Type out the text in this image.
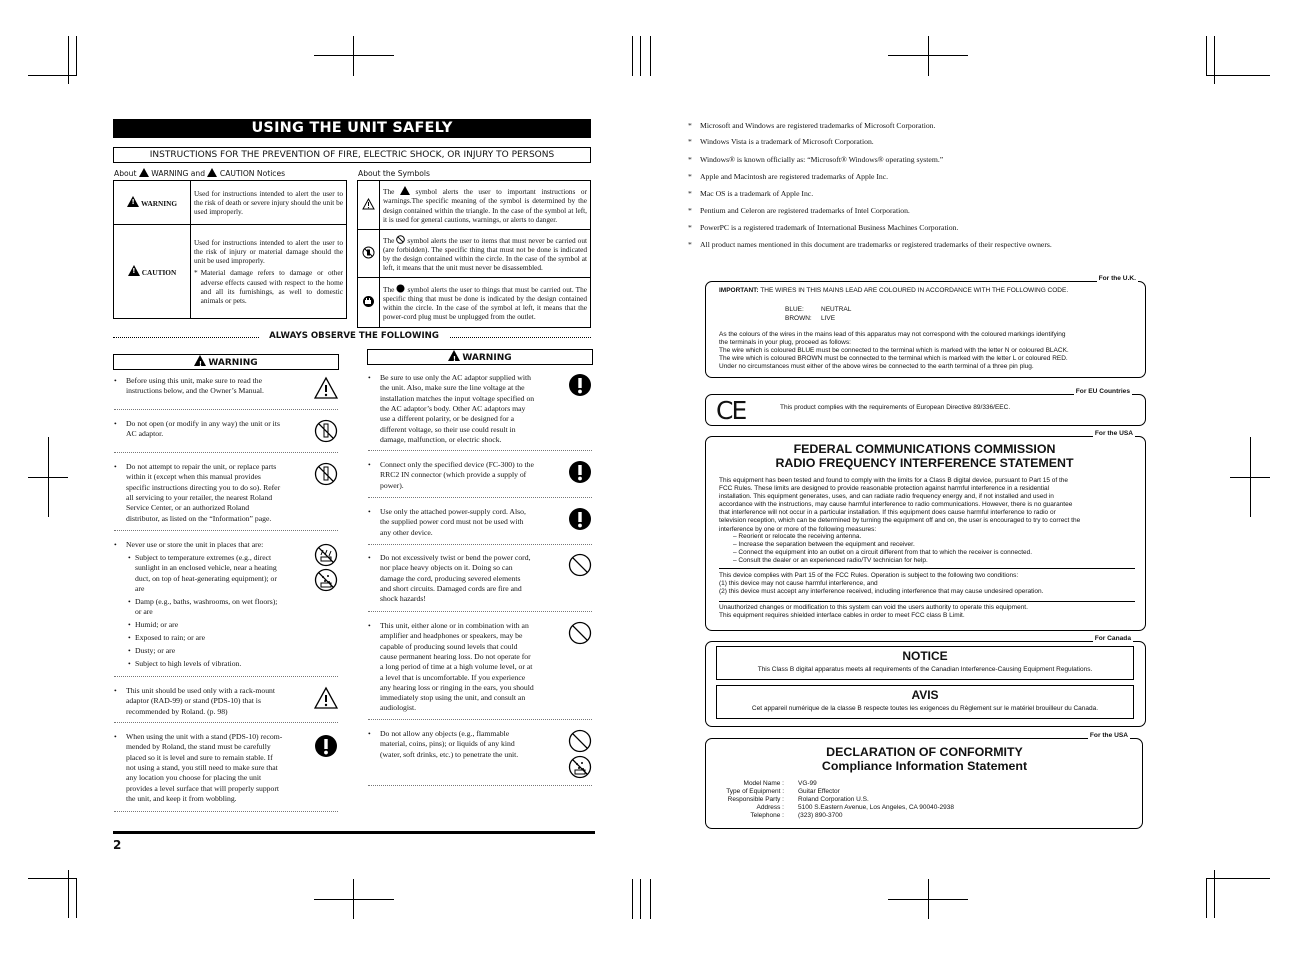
USING THE UNIT SAFELY
INSTRUCTIONS FOR THE PREVENTION OF FIRE, ELECTRIC SHOCK, OR INJURY TO PERSONS
About WARNING and CAUTION Notices	About the Symbols
!WARNING	Used for instructions intended to alert the user to the risk of death or severe injury should the unit be used improperly.
!CAUTION	Used for instructions intended to alert the user to the risk of injury or material damage should the unit be used improperly.
* Material damage refers to damage or other adverse effects caused with respect to the home and all its furnishings, as well to domestic animals or pets.
	The symbol alerts the user to important instructions or warnings.The specific meaning of the symbol is determined by the design contained within the triangle. In the case of the symbol at left, it is used for general cautions, warnings, or alerts to danger.
	The symbol alerts the user to items that must never be carried out (are forbidden). The specific thing that must not be done is indicated by the design contained within the circle. In the case of the symbol at left, it means that the unit must never be disassembled.
	The symbol alerts the user to things that must be carried out. The specific thing that must be done is indicated by the design contained within the circle. In the case of the symbol at left, it means that the power-cord plug must be unplugged from the outlet.
ALWAYS OBSERVE THE FOLLOWING
!WARNING !	WARNING
• Before using this unit, make sure to read the
instructions below, and the Owner’s Manual.
• Do not open (or modify in any way) the unit or its
AC adaptor.
• Do not attempt to repair the unit, or replace parts
within it (except when this manual provides
specific instructions directing you to do so). Refer
all servicing to your retailer, the nearest Roland
Service Center, or an authorized Roland
distributor, as listed on the “Information” page.
• Never use or store the unit in places that are:
• This unit should be used only with a rack-mount
adaptor (RAD-99) or stand (PDS-10) that is
recommended by Roland. (p. 98)
• When using the unit with a stand (PDS-10) recom-
mended by Roland, the stand must be carefully
placed so it is level and sure to remain stable. If
not using a stand, you still need to make sure that
any location you choose for placing the unit
provides a level surface that will properly support
the unit, and keep it from wobbling.
• Subject to temperature extremes (e.g., direct
sunlight in an enclosed vehicle, near a heating
duct, on top of heat-generating equipment); or
are
• Damp (e.g., baths, washrooms, on wet floors);
or are
• Humid; or are
• Exposed to rain; or are
• Dusty; or are
• Subject to high levels of vibration.
• Be sure to use only the AC adaptor supplied with
the unit. Also, make sure the line voltage at the
installation matches the input voltage specified on
the AC adaptor’s body. Other AC adaptors may
use a different polarity, or be designed for a
different voltage, so their use could result in
damage, malfunction, or electric shock.
• Connect only the specified device (FC-300) to the
RRC2 IN connector (which provide a supply of
power).
• Use only the attached power-supply cord. Also,
the supplied power cord must not be used with
any other device.
• Do not excessively twist or bend the power cord,
nor place heavy objects on it. Doing so can
damage the cord, producing severed elements
and short circuits. Damaged cords are fire and
shock hazards!
• This unit, either alone or in combination with an
amplifier and headphones or speakers, may be
capable of producing sound levels that could
cause permanent hearing loss. Do not operate for
a long period of time at a high volume level, or at
a level that is uncomfortable. If you experience
any hearing loss or ringing in the ears, you should
immediately stop using the unit, and consult an
audiologist.
• Do not allow any objects (e.g., flammable
material, coins, pins); or liquids of any kind
(water, soft drinks, etc.) to penetrate the unit.
2
* Microsoft and Windows are registered trademarks of Microsoft Corporation.
* Windows Vista is a trademark of Microsoft Corporation.
* Windows® is known officially as: “Microsoft® Windows® operating system.”
* Apple and Macintosh are registered trademarks of Apple Inc.
* Mac OS is a trademark of Apple Inc.
* Pentium and Celeron are registered trademarks of Intel Corporation.
* PowerPC is a registered trademark of International Business Machines Corporation.
* All product names mentioned in this document are trademarks or registered trademarks of their respective owners.
For the U.K.
IMPORTANT: THE WIRES IN THIS MAINS LEAD ARE COLOURED IN ACCORDANCE WITH THE FOLLOWING CODE.
BLUE:	NEUTRAL
BROWN: LIVE
As the colours of the wires in the mains lead of this apparatus may not correspond with the coloured markings identifying
the terminals in your plug, proceed as follows:
The wire which is coloured BLUE must be connected to the terminal which is marked with the letter N or coloured BLACK.
The wire which is coloured BROWN must be connected to the terminal which is marked with the letter L or coloured RED.
Under no circumstances must either of the above wires be connected to the earth terminal of a three pin plug.
For EU Countries
CE	This product complies with the requirements of European Directive 89/336/EEC.
For the USA
FEDERAL COMMUNICATIONS COMMISSION
RADIO FREQUENCY INTERFERENCE STATEMENT
This equipment has been tested and found to comply with the limits for a Class B digital device, pursuant to Part 15 of the
FCC Rules. These limits are designed to provide reasonable protection against harmful interference in a residential
installation. This equipment generates, uses, and can radiate radio frequency energy and, if not installed and used in
accordance with the instructions, may cause harmful interference to radio communications. However, there is no guarantee
that interference will not occur in a particular installation. If this equipment does cause harmful interference to radio or
television reception, which can be determined by turning the equipment off and on, the user is encouraged to try to correct the
interference by one or more of the following measures:
– Reorient or relocate the receiving antenna.
– Increase the separation between the equipment and receiver.
– Connect the equipment into an outlet on a circuit different from that to which the receiver is connected.
– Consult the dealer or an experienced radio/TV technician for help.
This device complies with Part 15 of the FCC Rules. Operation is subject to the following two conditions:
(1) this device may not cause harmful interference, and
(2) this device must accept any interference received, including interference that may cause undesired operation.
Unauthorized changes or modification to this system can void the users authority to operate this equipment.
This equipment requires shielded interface cables in order to meet FCC class B Limit.
For Canada
NOTICE
This Class B digital apparatus meets all requirements of the Canadian Interference-Causing Equipment Regulations.
AVIS
Cet appareil numérique de la classe B respecte toutes les exigences du Règlement sur le matériel brouilleur du Canada.
For the USA
DECLARATION OF CONFORMITY
Compliance Information Statement
Model Name : VG-99
Type of Equipment : Guitar Effector
Responsible Party : Roland Corporation U.S.
Address : 5100 S.Eastern Avenue, Los Angeles, CA 90040-2938
Telephone : (323) 890-3700
